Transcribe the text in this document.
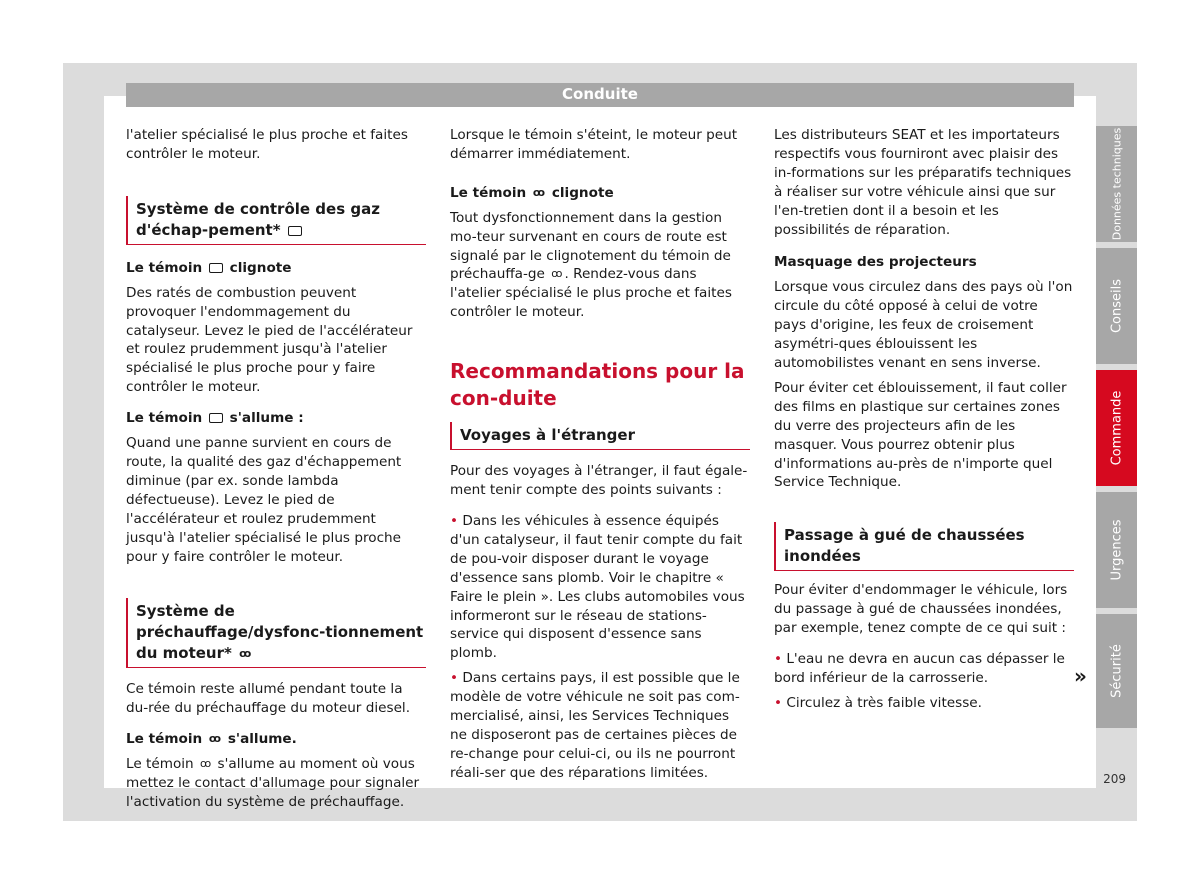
Conduite

l'atelier spécialisé le plus proche et faites contrôler le moteur.

Système de contrôle des gaz d'échap-pement*

Le témoin clignote

Des ratés de combustion peuvent provoquer l'endommagement du catalyseur. Levez le pied de l'accélérateur et roulez prudemment jusqu'à l'atelier spécialisé le plus proche pour y faire contrôler le moteur.

Le témoin s'allume :

Quand une panne survient en cours de route, la qualité des gaz d'échappement diminue (par ex. sonde lambda défectueuse). Levez le pied de l'accélérateur et roulez prudemment jusqu'à l'atelier spécialisé le plus proche pour y faire contrôler le moteur.

Système de préchauffage/dysfonc-tionnement du moteur* ꝏ

Ce témoin reste allumé pendant toute la du-rée du préchauffage du moteur diesel.

Le témoin ꝏ s'allume.

Le témoin ꝏ s'allume au moment où vous mettez le contact d'allumage pour signaler l'activation du système de préchauffage.

Lorsque le témoin s'éteint, le moteur peut démarrer immédiatement.

Le témoin ꝏ clignote

Tout dysfonctionnement dans la gestion mo-teur survenant en cours de route est signalé par le clignotement du témoin de préchauffa-ge ꝏ . Rendez-vous dans l'atelier spécialisé le plus proche et faites contrôler le moteur.

Recommandations pour la con-duite
Voyages à l'étranger

Pour des voyages à l'étranger, il faut égale-ment tenir compte des points suivants :

• Dans les véhicules à essence équipés d'un catalyseur, il faut tenir compte du fait de pou-voir disposer durant le voyage d'essence sans plomb. Voir le chapitre « Faire le plein ». Les clubs automobiles vous informeront sur le réseau de stations-service qui disposent d'essence sans plomb.

• Dans certains pays, il est possible que le modèle de votre véhicule ne soit pas com-mercialisé, ainsi, les Services Techniques ne disposeront pas de certaines pièces de re-change pour celui-ci, ou ils ne pourront réali-ser que des réparations limitées.

Les distributeurs SEAT et les importateurs respectifs vous fourniront avec plaisir des in-formations sur les préparatifs techniques à réaliser sur votre véhicule ainsi que sur l'en-tretien dont il a besoin et les possibilités de réparation.

Masquage des projecteurs

Lorsque vous circulez dans des pays où l'on circule du côté opposé à celui de votre pays d'origine, les feux de croisement asymétri-ques éblouissent les automobilistes venant en sens inverse.

Pour éviter cet éblouissement, il faut coller des films en plastique sur certaines zones du verre des projecteurs afin de les masquer. Vous pourrez obtenir plus d'informations au-près de n'importe quel Service Technique.

Passage à gué de chaussées inondées

Pour éviter d'endommager le véhicule, lors du passage à gué de chaussées inondées, par exemple, tenez compte de ce qui suit :

• L'eau ne devra en aucun cas dépasser le bord inférieur de la carrosserie.

• Circulez à très faible vitesse.

»
Données techniques
Conseils
Commande
Urgences
Sécurité
209
